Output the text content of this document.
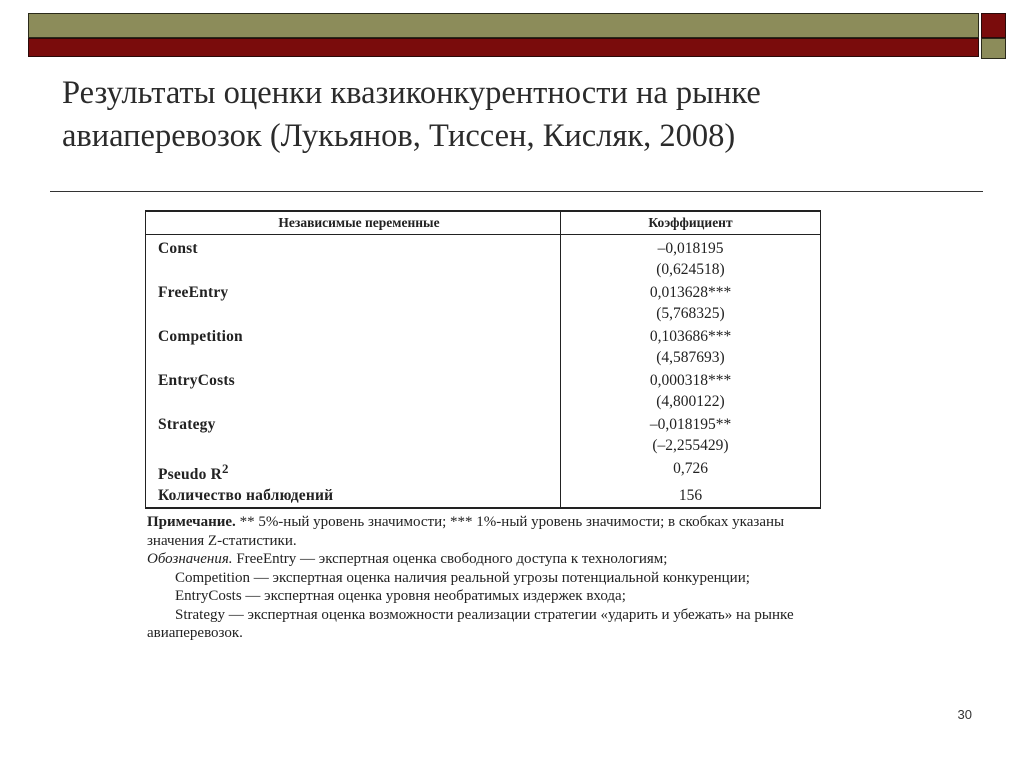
Результаты оценки квазиконкурентности на рынке
авиаперевозок (Лукьянов, Тиссен, Кисляк, 2008)
Независимые переменные	Коэффициент

Const	–0,018195
(0,624518)

FreeEntry	0,013628***
(5,768325)

Competition	0,103686***
(4,587693)

EntryCosts	0,000318***
(4,800122)

Strategy	–0,018195**
(–2,255429)

Pseudo $R^2$	0,726

Количество наблюдений	156

Примечание. ** 5%-ный уровень значимости; *** 1%-ный уровень значимости; в скобках указаны значения Z-статистики.

Обозначения. FreeEntry — экспертная оценка свободного доступа к технологиям;

Competition — экспертная оценка наличия реальной угрозы потенциальной конкуренции;

EntryCosts — экспертная оценка уровня необратимых издержек входа;

Strategy — экспертная оценка возможности реализации стратегии «ударить и убежать» на рынке авиаперевозок.

30
